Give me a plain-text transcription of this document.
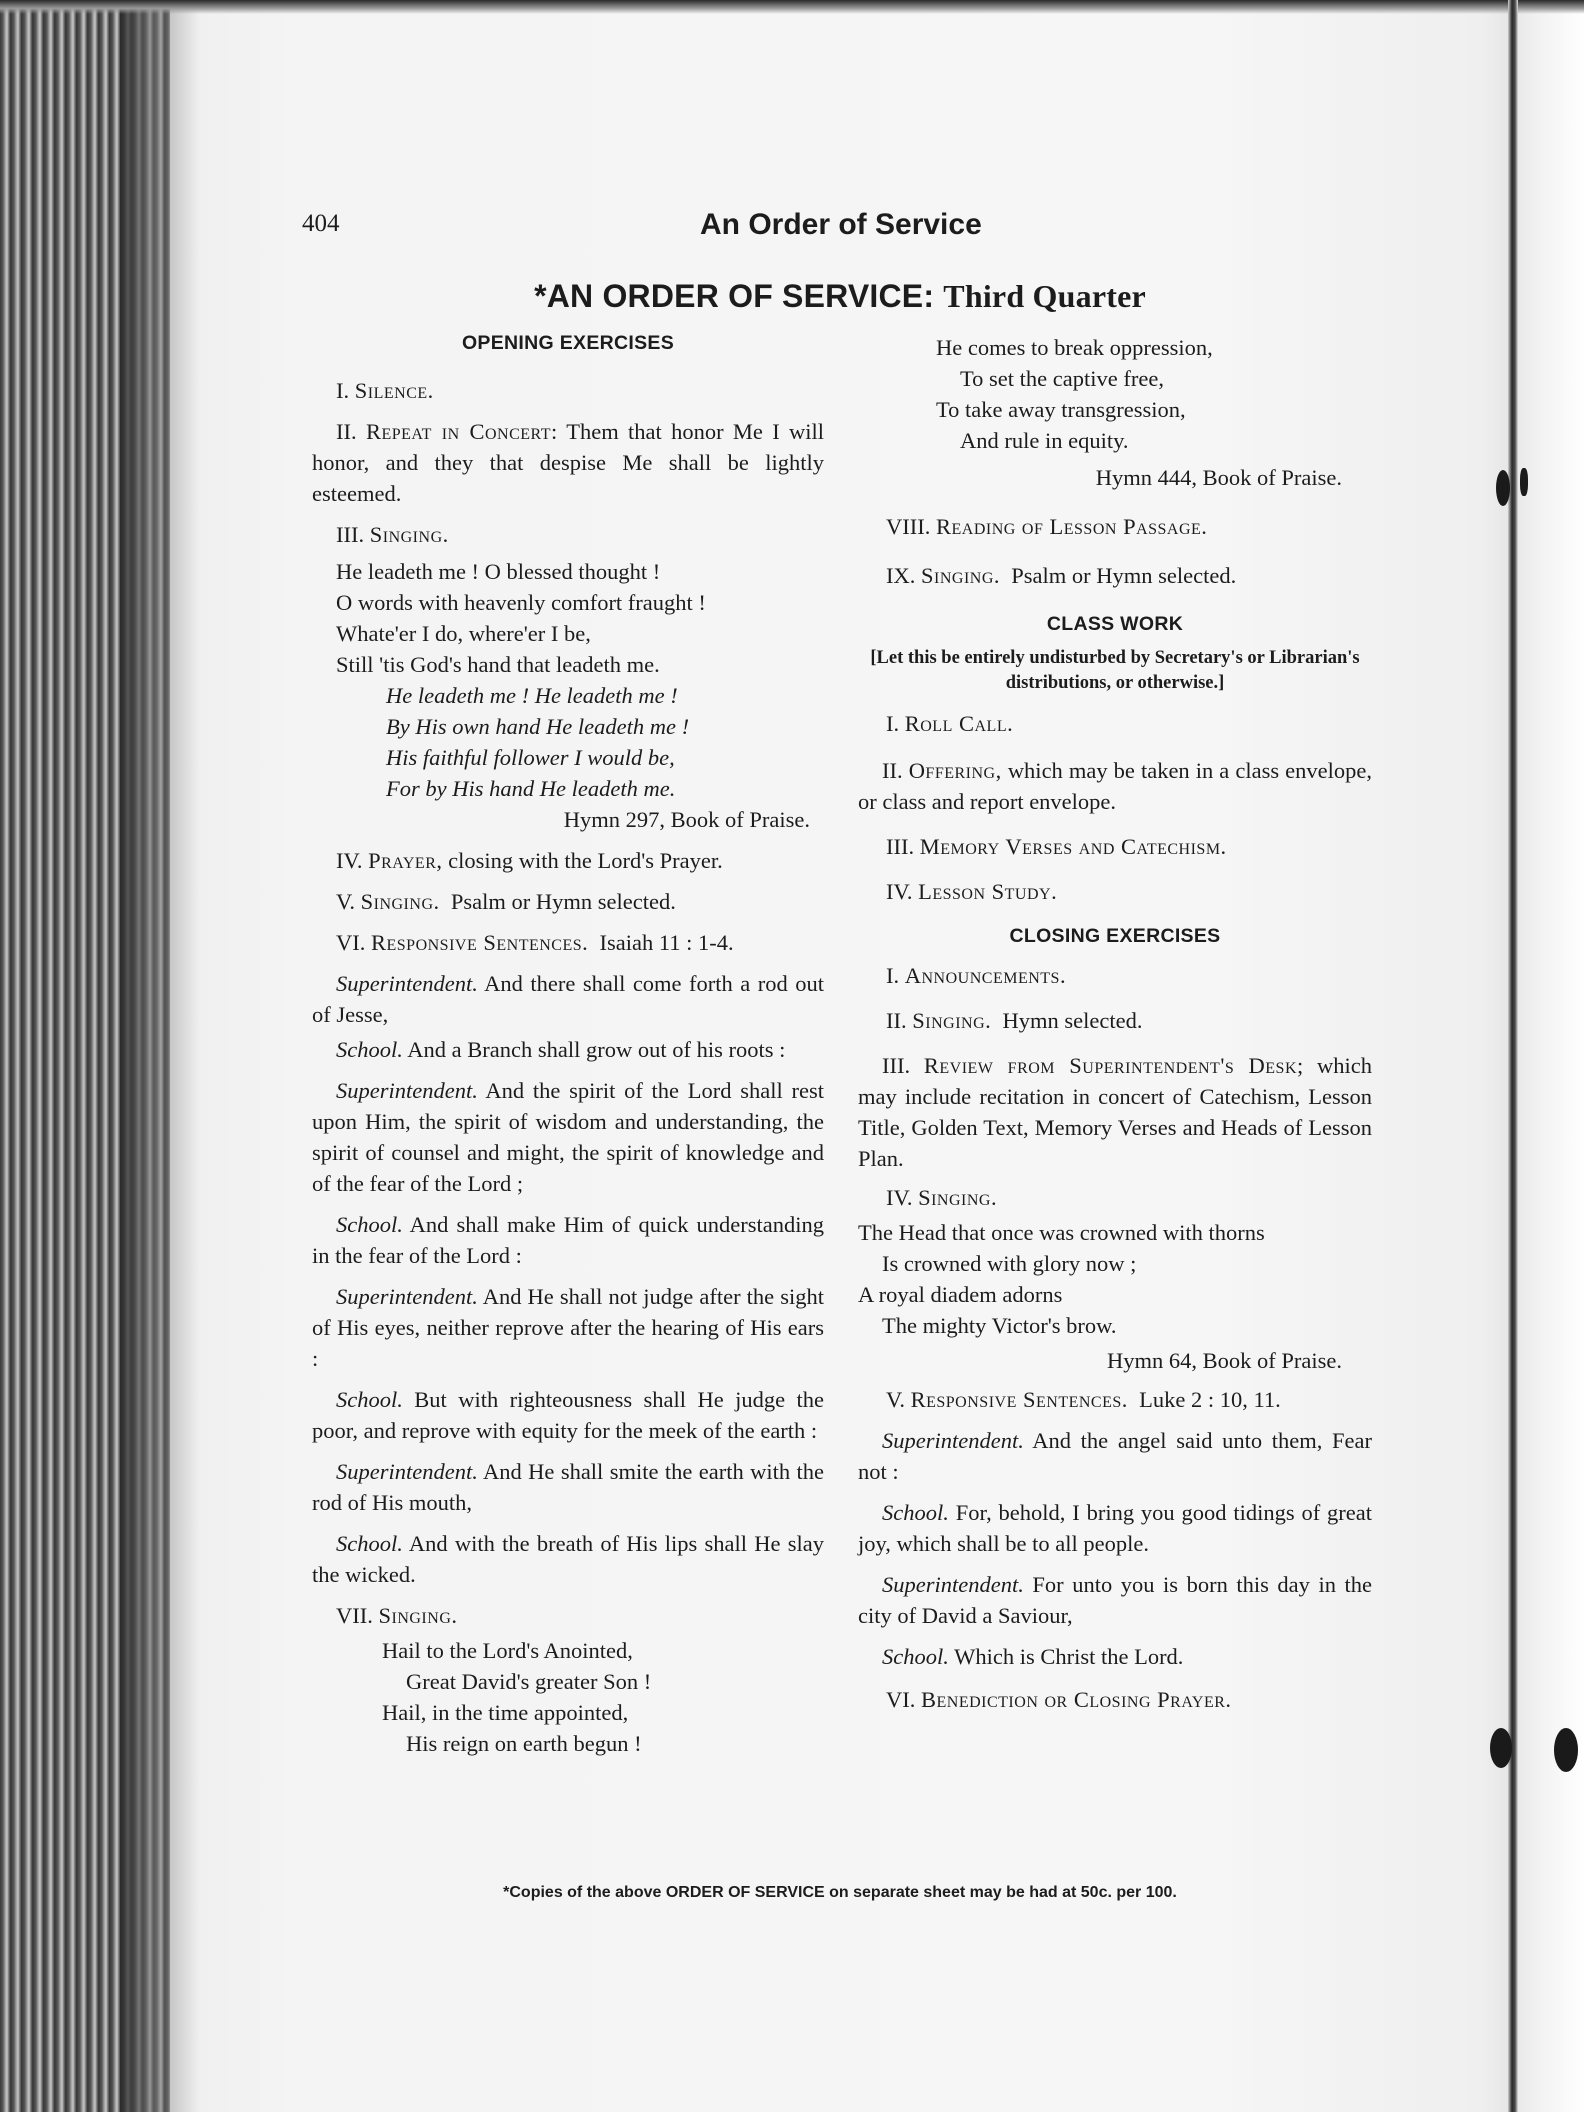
404	An Order of Service
*AN ORDER OF SERVICE: Third Quarter
OPENING EXERCISES
I. Silence.
II. Repeat in Concert: Them that honor Me I will honor, and they that despise Me shall be lightly esteemed.
III. Singing.
He leadeth me ! O blessed thought !
O words with heavenly comfort fraught !
Whate'er I do, where'er I be,
Still 'tis God's hand that leadeth me.
He leadeth me ! He leadeth me !
By His own hand He leadeth me !
His faithful follower I would be,
For by His hand He leadeth me.
Hymn 297, Book of Praise.
IV. Prayer, closing with the Lord's Prayer.
V. Singing. Psalm or Hymn selected.
VI. Responsive Sentences. Isaiah 11 : 1-4.
Superintendent. And there shall come forth a rod out of Jesse,
School. And a Branch shall grow out of his roots :
Superintendent. And the spirit of the Lord shall rest upon Him, the spirit of wisdom and understanding, the spirit of counsel and might, the spirit of knowledge and of the fear of the Lord ;
School. And shall make Him of quick understanding in the fear of the Lord :
Superintendent. And He shall not judge after the sight of His eyes, neither reprove after the hearing of His ears :
School. But with righteousness shall He judge the poor, and reprove with equity for the meek of the earth :
Superintendent. And He shall smite the earth with the rod of His mouth,
School. And with the breath of His lips shall He slay the wicked.
VII. Singing.
Hail to the Lord's Anointed,
Great David's greater Son !
Hail, in the time appointed,
His reign on earth begun !
He comes to break oppression,
To set the captive free,
To take away transgression,
And rule in equity.
Hymn 444, Book of Praise.
VIII. Reading of Lesson Passage.
IX. Singing. Psalm or Hymn selected.
CLASS WORK
[Let this be entirely undisturbed by Secretary's or Librarian's distributions, or otherwise.]
I. Roll Call.
II. Offering, which may be taken in a class envelope, or class and report envelope.
III. Memory Verses and Catechism.
IV. Lesson Study.
CLOSING EXERCISES
I. Announcements.
II. Singing. Hymn selected.
III. Review from Superintendent's Desk; which may include recitation in concert of Catechism, Lesson Title, Golden Text, Memory Verses and Heads of Lesson Plan.
IV. Singing.
The Head that once was crowned with thorns
Is crowned with glory now ;
A royal diadem adorns
The mighty Victor's brow.
Hymn 64, Book of Praise.
V. Responsive Sentences. Luke 2 : 10, 11.
Superintendent. And the angel said unto them, Fear not :
School. For, behold, I bring you good tidings of great joy, which shall be to all people.
Superintendent. For unto you is born this day in the city of David a Saviour,
School. Which is Christ the Lord.
VI. Benediction or Closing Prayer.
*Copies of the above ORDER OF SERVICE on separate sheet may be had at 50c. per 100.
